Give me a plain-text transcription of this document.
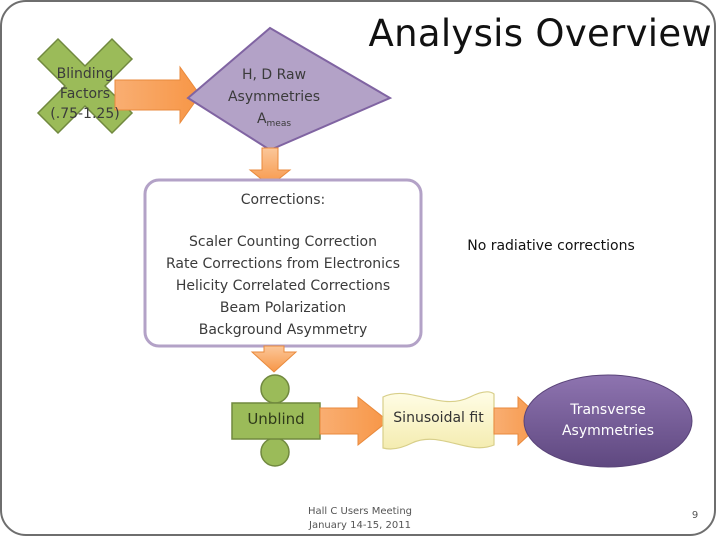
Analysis Overview
Blinding
Factors
(.75-1.25)
H, D Raw
Asymmetries
$A_{meas}$
Corrections:
Scaler Counting Correction
Rate Corrections from Electronics
Helicity Correlated Corrections
Beam Polarization
Background Asymmetry
No radiative corrections
Unblind	Sinusoidal fit	Transverse
Asymmetries
Hall C Users Meeting
January 14-15, 2011
9
